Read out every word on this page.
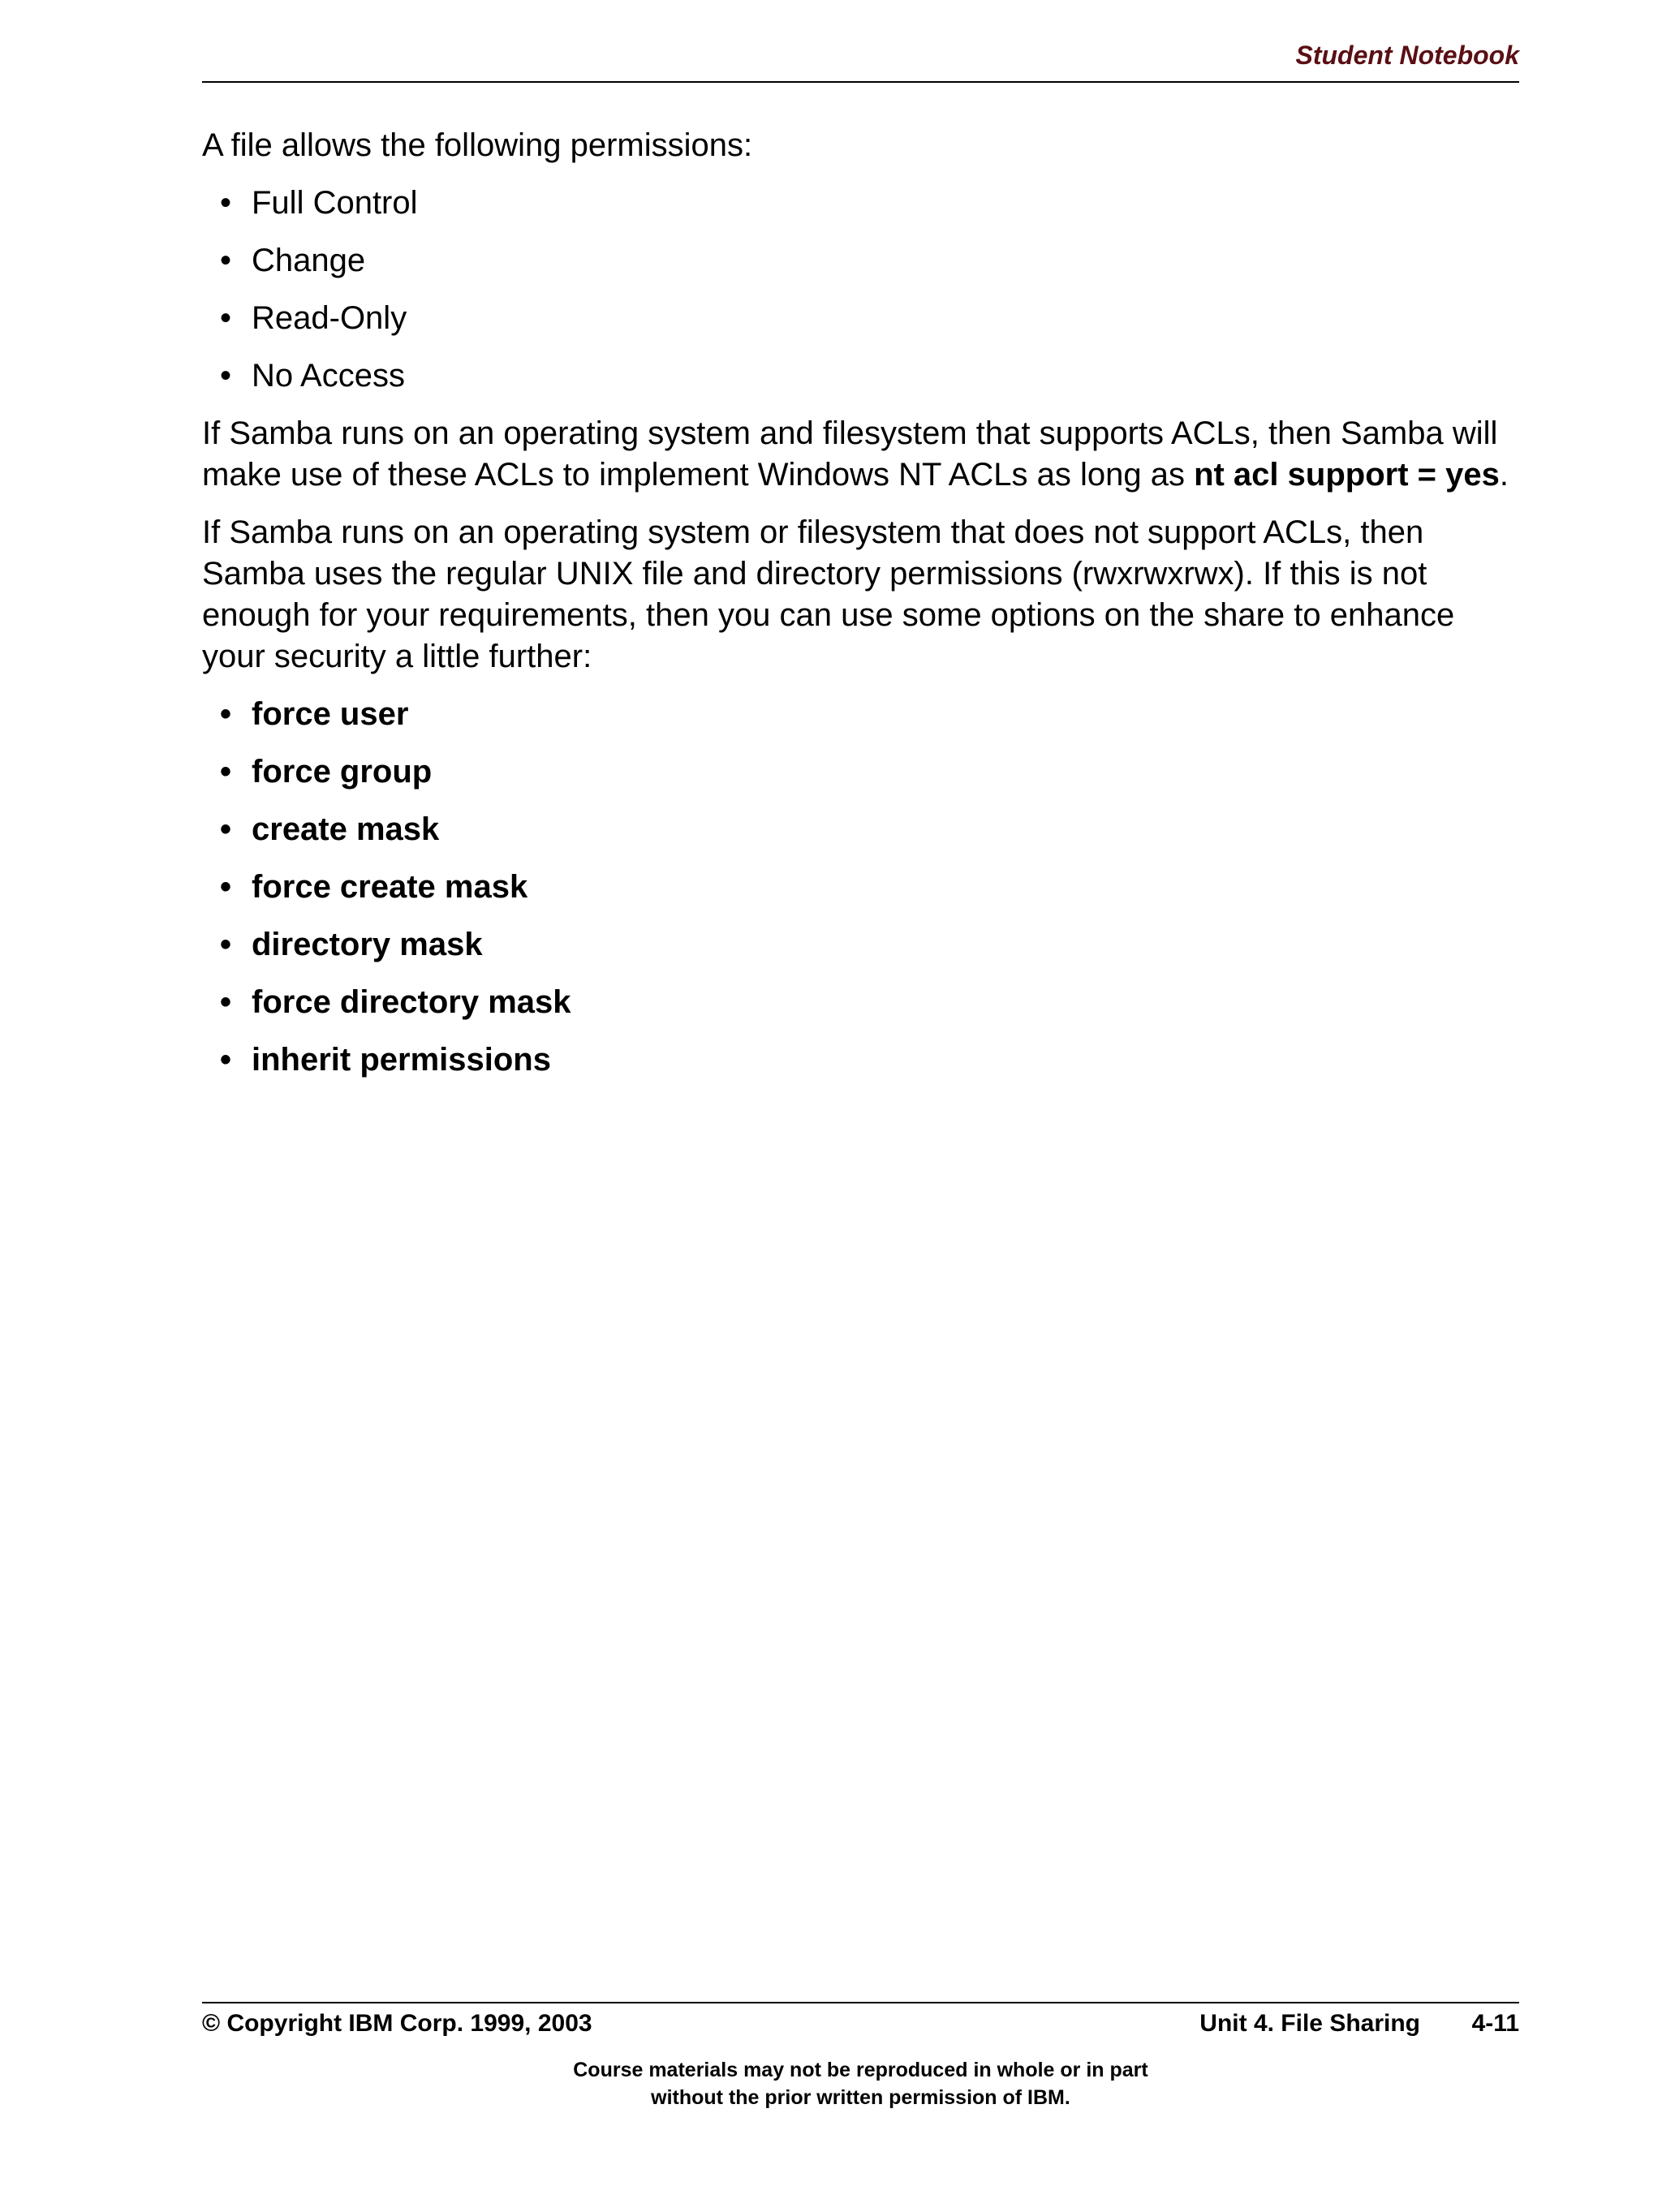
Student Notebook

A file allows the following permissions:

• Full Control
• Change
• Read-Only
• No Access

If Samba runs on an operating system and filesystem that supports ACLs, then Samba will make use of these ACLs to implement Windows NT ACLs as long as nt acl support = yes.

If Samba runs on an operating system or filesystem that does not support ACLs, then Samba uses the regular UNIX file and directory permissions (rwxrwxrwx). If this is not enough for your requirements, then you can use some options on the share to enhance your security a little further:

• force user
• force group
• create mask
• force create mask
• directory mask
• force directory mask
• inherit permissions
© Copyright IBM Corp. 1999, 2003	Unit 4. File Sharing 4-11
Course materials may not be reproduced in whole or in part
without the prior written permission of IBM.
